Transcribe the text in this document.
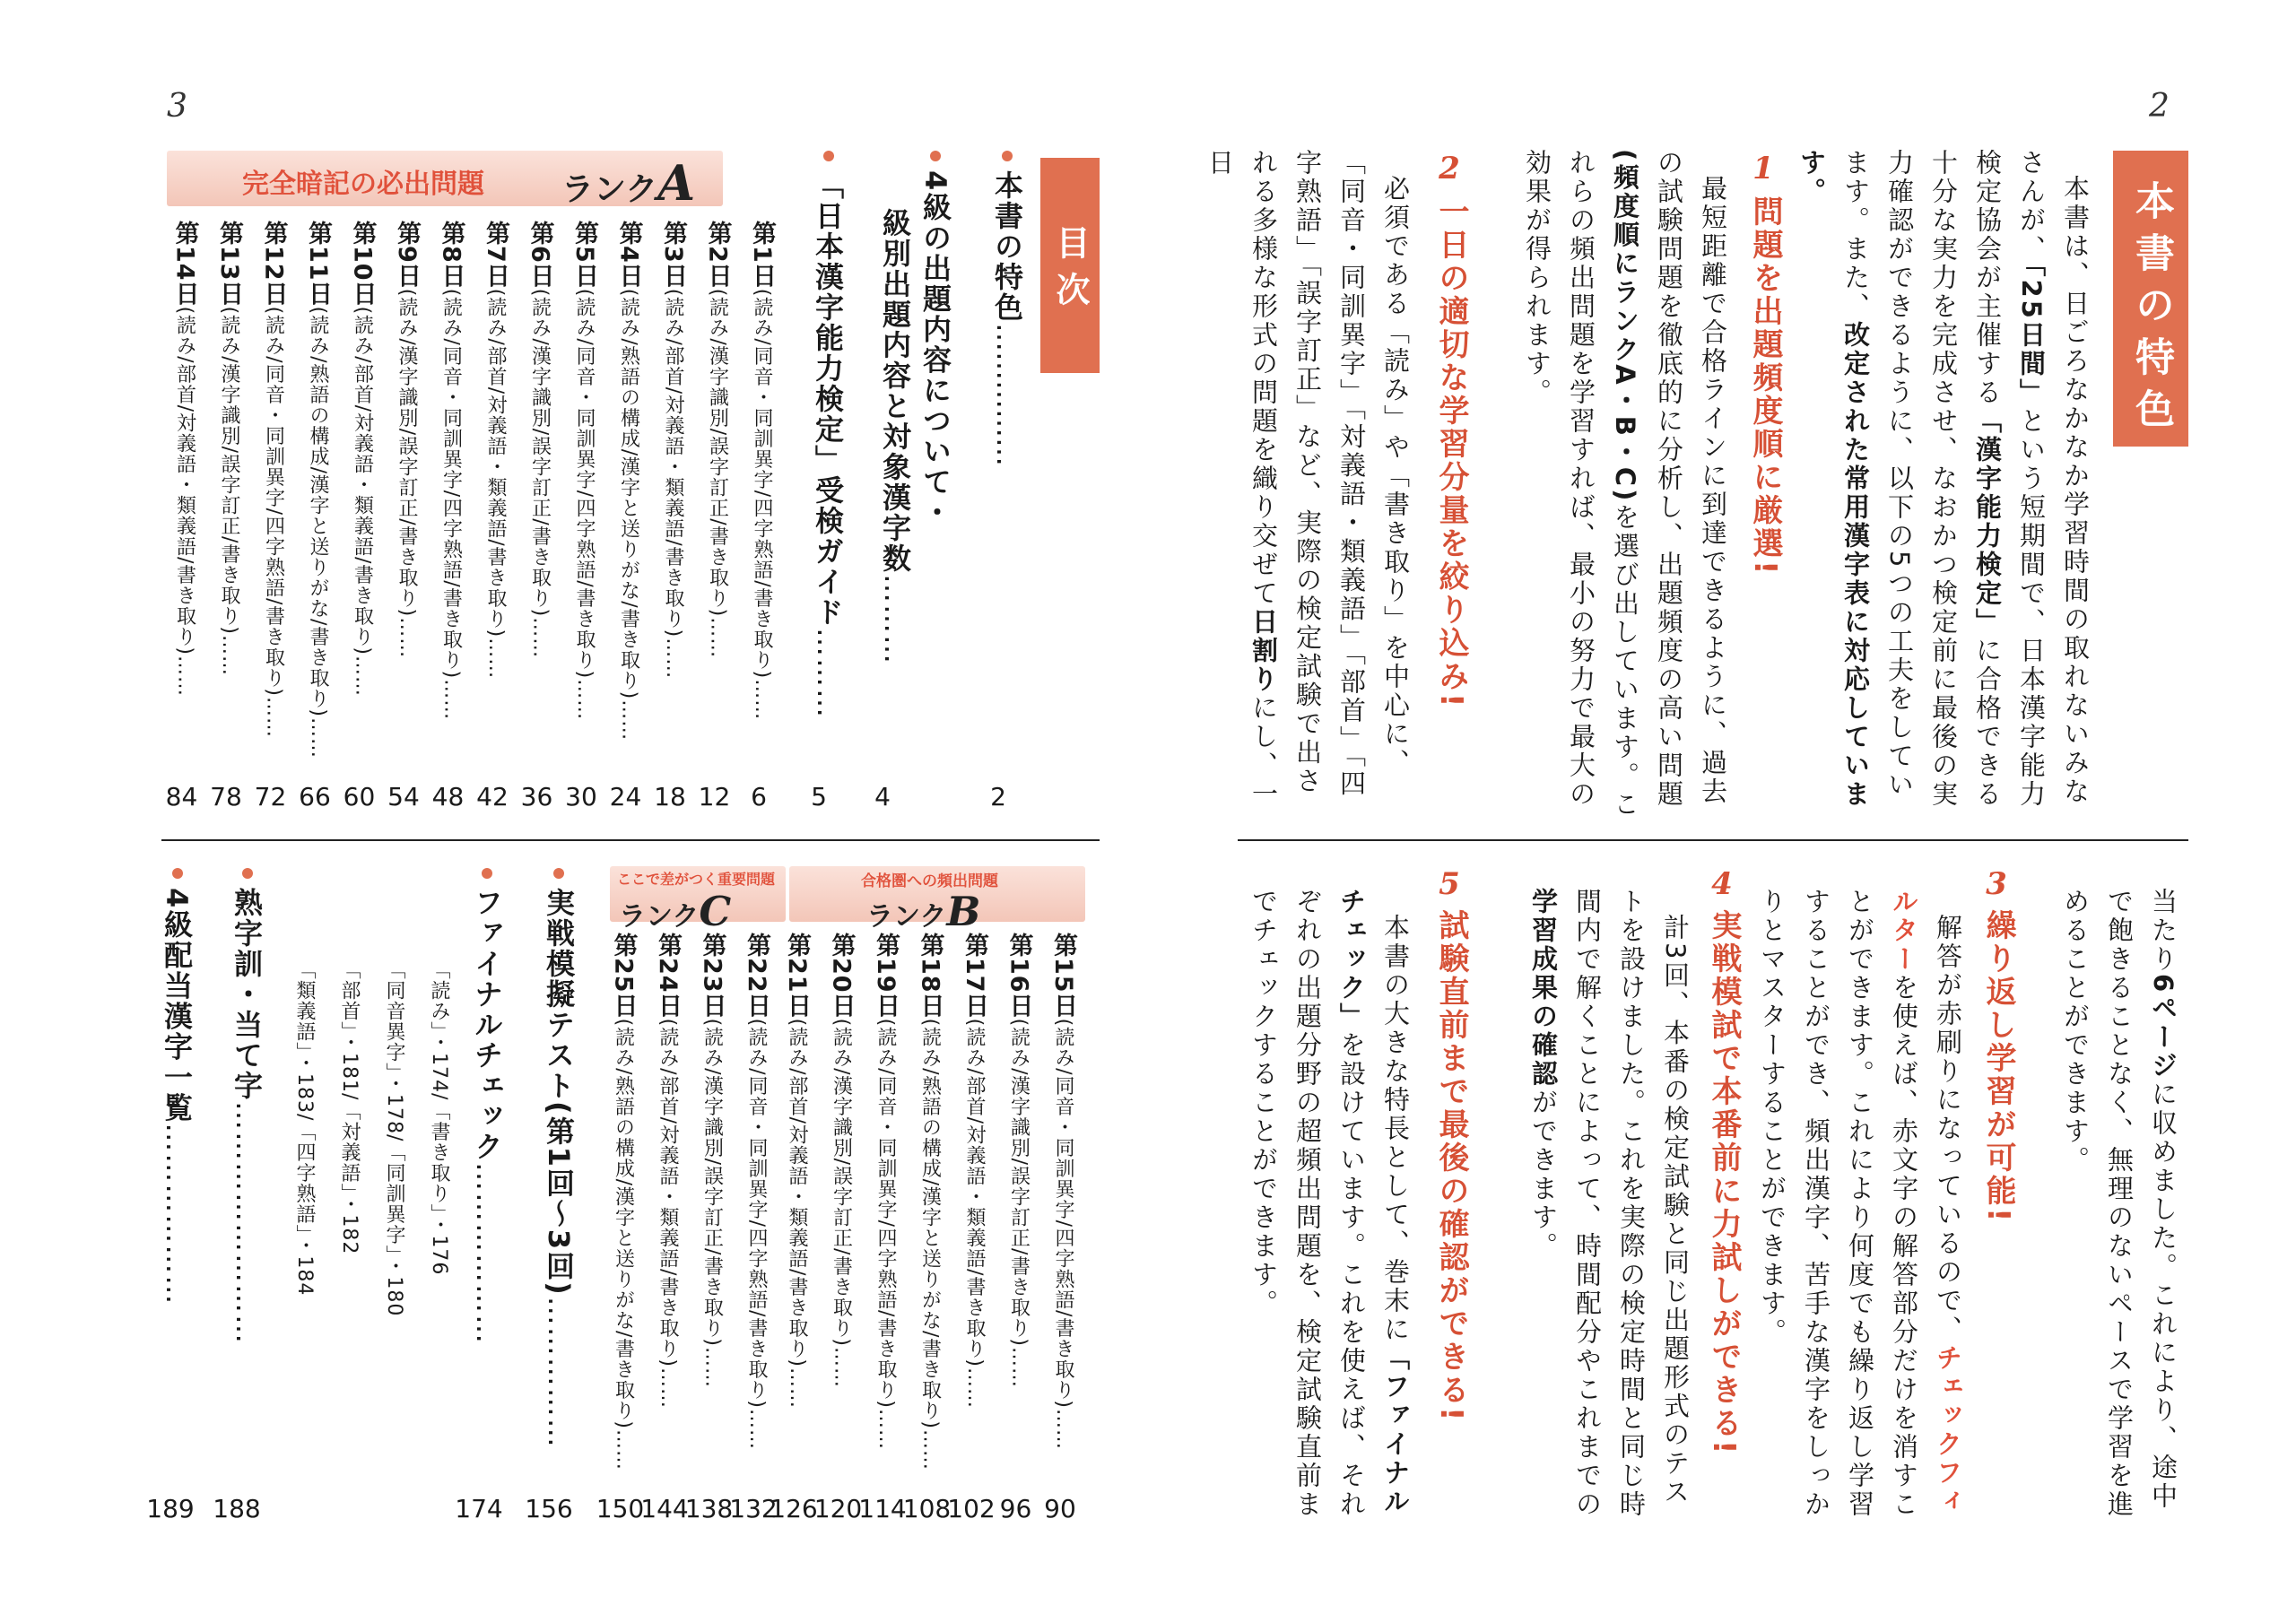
3
目次
本書の特色……………
2
4級の出題内容について・
級別出題内容と対象漢字数………
4
「日本漢字能力検定」受検ガイド………
5
完全暗記の必出問題 ランクA
第1日(読み/同音・同訓異字/四字熟語/書き取り)……
6
第2日(読み/漢字識別/誤字訂正/書き取り)……
12
第3日(読み/部首/対義語・類義語/書き取り)……
18
第4日(読み/熟語の構成/漢字と送りがな/書き取り)……
24
第5日(読み/同音・同訓異字/四字熟語/書き取り)……
30
第6日(読み/漢字識別/誤字訂正/書き取り)……
36
第7日(読み/部首/対義語・類義語/書き取り)……
42
第8日(読み/同音・同訓異字/四字熟語/書き取り)……
48
第9日(読み/漢字識別/誤字訂正/書き取り)……
54
第10日(読み/部首/対義語・類義語/書き取り)……
60
第11日(読み/熟語の構成/漢字と送りがな/書き取り)……
66
第12日(読み/同音・同訓異字/四字熟語/書き取り)……
72
第13日(読み/漢字識別/誤字訂正/書き取り)……
78
第14日(読み/部首/対義語・類義語/書き取り)……
84
合格圏への頻出問題
ランクB
ここで差がつく重要問題
ランクC
第15日(読み/同音・同訓異字/四字熟語/書き取り)……
90
第16日(読み/漢字識別/誤字訂正/書き取り)……
96
第17日(読み/部首/対義語・類義語/書き取り)……
102
第18日(読み/熟語の構成/漢字と送りがな/書き取り)……
108
第19日(読み/同音・同訓異字/四字熟語/書き取り)……
114
第20日(読み/漢字識別/誤字訂正/書き取り)……
120
第21日(読み/部首/対義語・類義語/書き取り)……
126
第22日(読み/同音・同訓異字/四字熟語/書き取り)……
132
第23日(読み/漢字識別/誤字訂正/書き取り)……
138
第24日(読み/部首/対義語・類義語/書き取り)……
144
第25日(読み/熟語の構成/漢字と送りがな/書き取り)……
150
実戦模擬テスト(第1回〜3回)……………
156
ファイナルチェック………………
174
「読み」・174/「書き取り」・176
「同音異字」・178/「同訓異字」・180
「部首」・181/「対義語」・182
「類義語」・183/「四字熟語」・184
熟字訓・当て字……………………
188
4級配当漢字一覧………………
189
2
本書の特色
本書は、日ごろなかなか学習時間の取れないみなさんが、「25日間」という短期間で、日本漢字能力検定協会が主催する「漢字能力検定」に合格できる十分な実力を完成させ、なおかつ検定前に最後の実力確認ができるように、以下の5つの工夫をしています。また、改定された常用漢字表に対応しています。
1
問題を出題頻度順に厳選!
最短距離で合格ラインに到達できるように、過去の試験問題を徹底的に分析し、出題頻度の高い問題(頻度順にランクA・B・C)を選び出しています。これらの頻出問題を学習すれば、最小の努力で最大の効果が得られます。
2
一日の適切な学習分量を絞り込み!
必須である「読み」や「書き取り」を中心に、「同音・同訓異字」「対義語・類義語」「部首」「四字熟語」「誤字訂正」など、実際の検定試験で出される多様な形式の問題を織り交ぜて日割りにし、一日
当たり6ページに収めました。これにより、途中で飽きることなく、無理のないペースで学習を進めることができます。
3
繰り返し学習が可能!
解答が赤刷りになっているので、チェックフィルターを使えば、赤文字の解答部分だけを消すことができます。これにより何度でも繰り返し学習することができ、頻出漢字、苦手な漢字をしっかりとマスターすることができます。
4
実戦模試で本番前に力試しができる!
計3回、本番の検定試験と同じ出題形式のテストを設けました。これを実際の検定時間と同じ時間内で解くことによって、時間配分やこれまでの学習成果の確認ができます。
5
試験直前まで最後の確認ができる!
本書の大きな特長として、巻末に「ファイナルチェック」を設けています。これを使えば、それぞれの出題分野の超頻出問題を、検定試験直前までチェックすることができます。
